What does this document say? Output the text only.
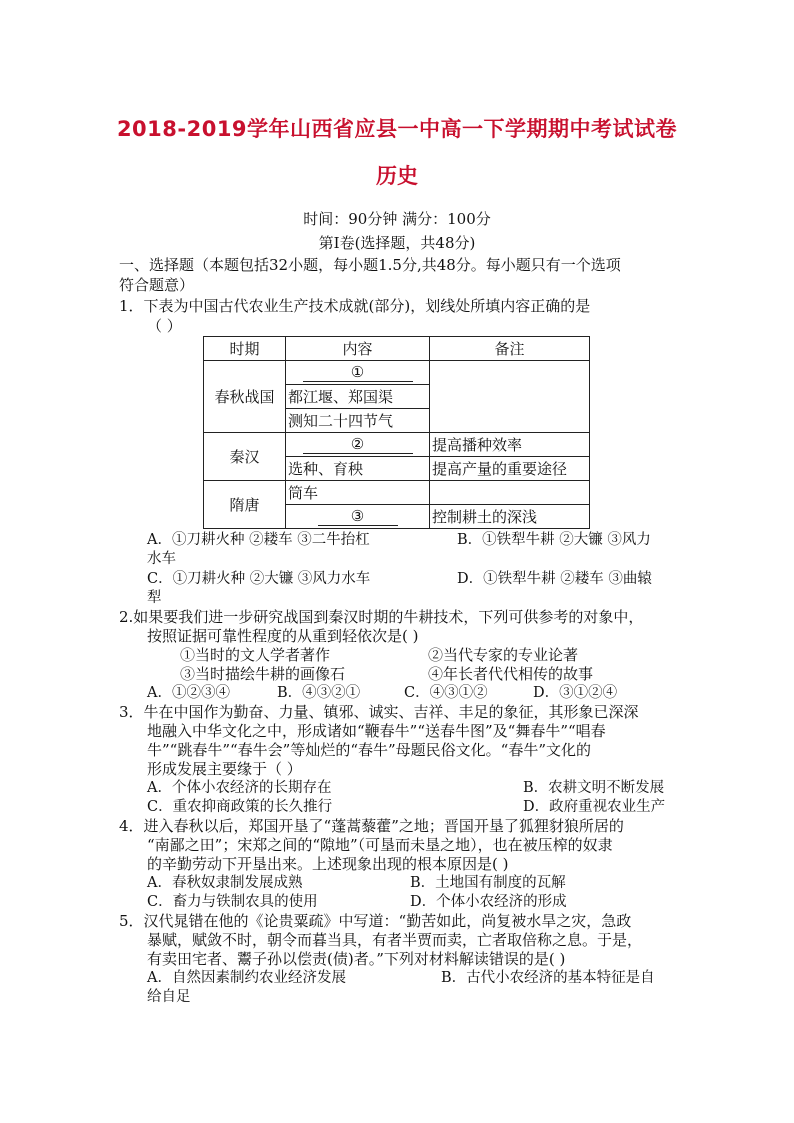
2018-2019学年山西省应县一中高一下学期期中考试试卷
历史
时间：90分钟 满分：100分
第Ⅰ卷(选择题，共48分)
一、选择题（本题包括32小题，每小题1.5分,共48分。每小题只有一个选项
符合题意）
1．下表为中国古代农业生产技术成就(部分)，划线处所填内容正确的是
（ ）
时期	内容	备注
春秋战国	①	
	都江堰、郑国渠	
	测知二十四节气	
秦汉	②	提高播种效率
	选种、育秧	提高产量的重要途径
隋唐	筒车	
	③	控制耕土的深浅
A．①刀耕火种 ②耧车 ③二牛抬杠	B．①铁犁牛耕 ②大镰 ③风力
水车
C．①刀耕火种 ②大镰 ③风力水车	D．①铁犁牛耕 ②耧车 ③曲辕
犁
2.如果要我们进一步研究战国到秦汉时期的牛耕技术，下列可供参考的对象中，
按照证据可靠性程度的从重到轻依次是( )
①当时的文人学者著作	②当代专家的专业论著
③当时描绘牛耕的画像石	④年长者代代相传的故事
A．①②③④	B．④③②①	C．④③①②	D．③①②④
3．牛在中国作为勤奋、力量、镇邪、诚实、吉祥、丰足的象征，其形象已深深
地融入中华文化之中，形成诸如“鞭春牛”“送春牛图”及“舞春牛”“唱春
牛”“跳春牛”“春牛会”等灿烂的“春牛”母题民俗文化。“春牛”文化的
形成发展主要缘于（ ）
A．个体小农经济的长期存在	B．农耕文明不断发展
C．重农抑商政策的长久推行	D．政府重视农业生产
4．进入春秋以后，郑国开垦了“蓬蒿藜藿”之地；晋国开垦了狐狸豺狼所居的
“南鄙之田”；宋郑之间的“隙地”（可垦而未垦之地），也在被压榨的奴隶
的辛勤劳动下开垦出来。上述现象出现的根本原因是( )
A．春秋奴隶制发展成熟	B．土地国有制度的瓦解
C．畜力与铁制农具的使用	D．个体小农经济的形成
5．汉代晁错在他的《论贵粟疏》中写道：“勤苦如此，尚复被水旱之灾，急政
暴赋，赋敛不时，朝令而暮当具，有者半贾而卖，亡者取倍称之息。于是，
有卖田宅者、鬻子孙以偿责(债)者。”下列对材料解读错误的是( )
A．自然因素制约农业经济发展	B．古代小农经济的基本特征是自
给自足
